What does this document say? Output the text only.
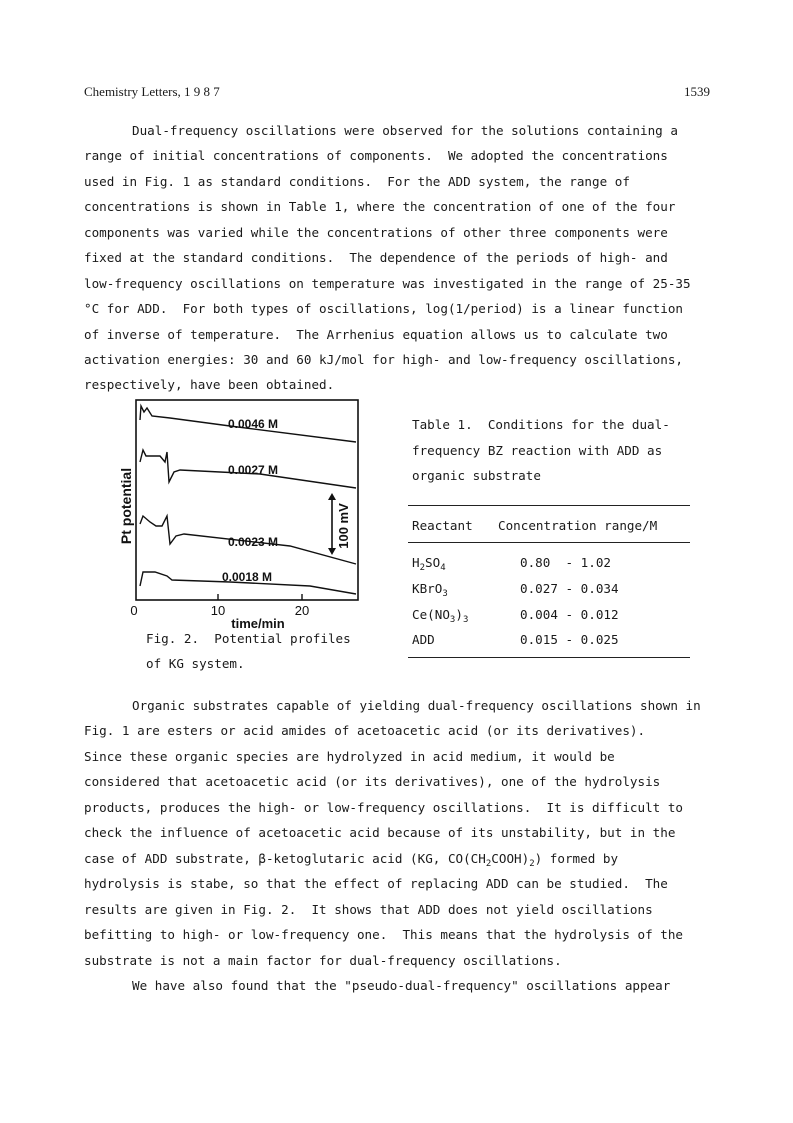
Chemistry Letters, 1 9 8 7	1539
Dual-frequency oscillations were observed for the solutions containing a
range of initial concentrations of components.  We adopted the concentrations
used in Fig. 1 as standard conditions.  For the ADD system, the range of
concentrations is shown in Table 1, where the concentration of one of the four
components was varied while the concentrations of other three components were
fixed at the standard conditions.  The dependence of the periods of high- and
low-frequency oscillations on temperature was investigated in the range of 25-35
°C for ADD.  For both types of oscillations, log(1/period) is a linear function
of inverse of temperature.  The Arrhenius equation allows us to calculate two
activation energies: 30 and 60 kJ/mol for high- and low-frequency oscillations,
respectively, have been obtained.
Pt potential
0.0046 M
0.0027 M
0.0023 M
0.0018 M
100 mV
0	10	20
time/min
Fig. 2.  Potential profiles
of KG system.
Table 1.  Conditions for the dual-
frequency BZ reaction with ADD as
organic substrate
Reactant Concentration range/M
$H_2SO_4$	0.80  - 1.02
KBrO$_3$	0.027 - 0.034
$Ce(NO_3)_3$	0.004 - 0.012
ADD	0.015 - 0.025
Organic substrates capable of yielding dual-frequency oscillations shown in
Fig. 1 are esters or acid amides of acetoacetic acid (or its derivatives).
Since these organic species are hydrolyzed in acid medium, it would be
considered that acetoacetic acid (or its derivatives), one of the hydrolysis
products, produces the high- or low-frequency oscillations.  It is difficult to
check the influence of acetoacetic acid because of its unstability, but in the
case of ADD substrate, β-ketoglutaric acid (KG, $CO(CH_2COOH)_2$) formed by
hydrolysis is stabe, so that the effect of replacing ADD can be studied.  The
results are given in Fig. 2.  It shows that ADD does not yield oscillations
befitting to high- or low-frequency one.  This means that the hydrolysis of the
substrate is not a main factor for dual-frequency oscillations.
We have also found that the "pseudo-dual-frequency" oscillations appear
